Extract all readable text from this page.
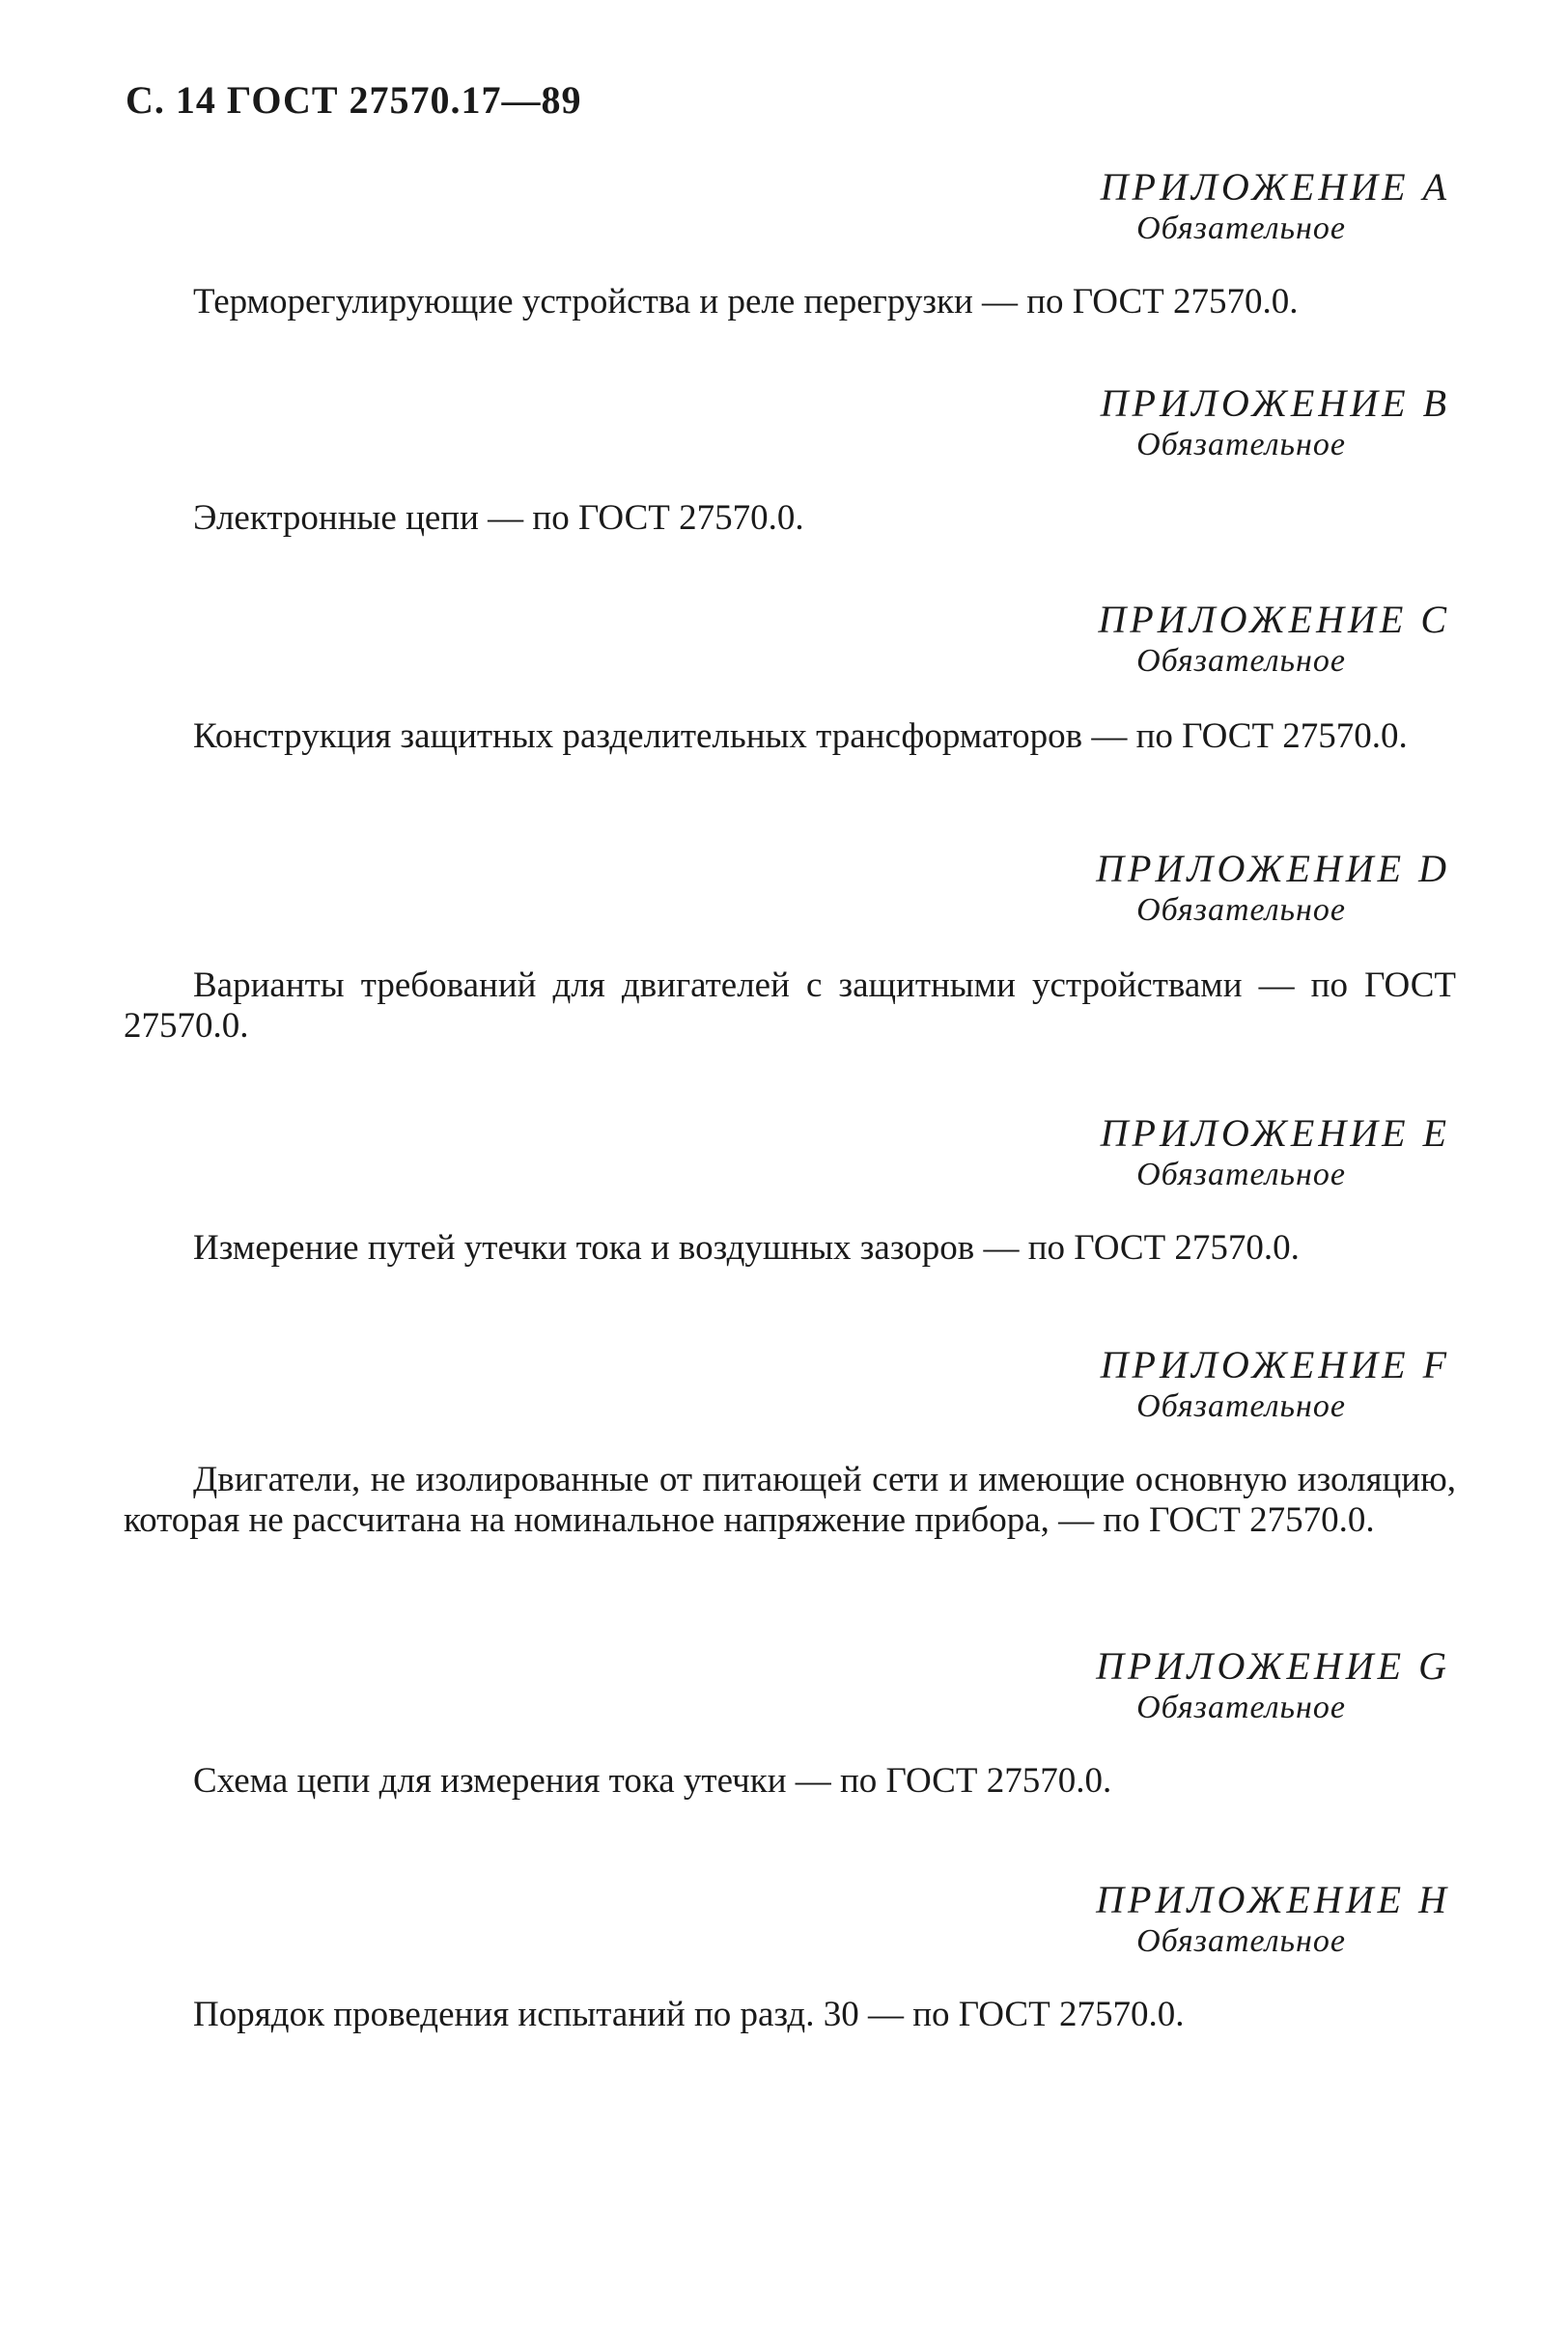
С. 14 ГОСТ 27570.17—89
ПРИЛОЖЕНИЕ А
Обязательное
Терморегулирующие устройства и реле перегрузки — по ГОСТ 27570.0.
ПРИЛОЖЕНИЕ В
Обязательное
Электронные цепи — по ГОСТ 27570.0.
ПРИЛОЖЕНИЕ С
Обязательное
Конструкция защитных разделительных трансформаторов — по ГОСТ 27570.0.
ПРИЛОЖЕНИЕ D
Обязательное
Варианты требований для двигателей с защитными устройствами — по ГОСТ 27570.0.
ПРИЛОЖЕНИЕ Е
Обязательное
Измерение путей утечки тока и воздушных зазоров — по ГОСТ 27570.0.
ПРИЛОЖЕНИЕ F
Обязательное
Двигатели, не изолированные от питающей сети и имеющие основную изоляцию, которая не рассчитана на номинальное напряжение прибора, — по ГОСТ 27570.0.
ПРИЛОЖЕНИЕ G
Обязательное
Схема цепи для измерения тока утечки — по ГОСТ 27570.0.
ПРИЛОЖЕНИЕ H
Обязательное
Порядок проведения испытаний по разд. 30 — по ГОСТ 27570.0.
